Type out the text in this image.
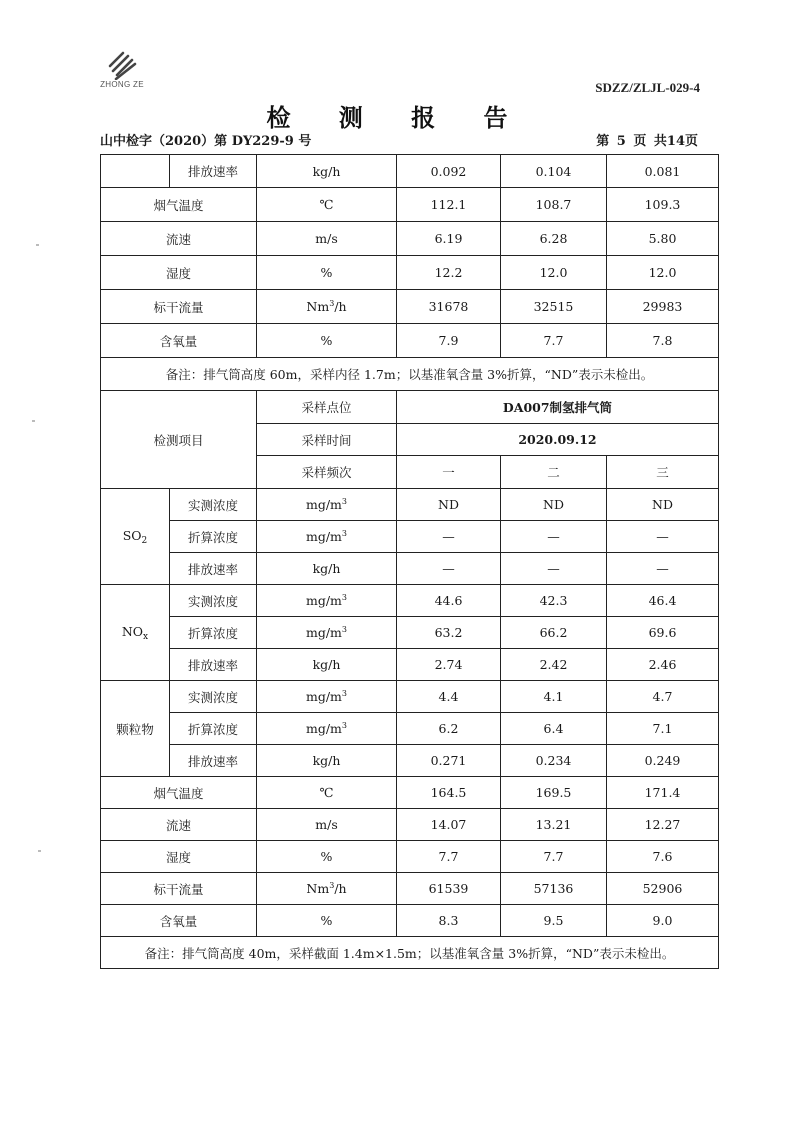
ZHONG ZE	SDZZ/ZLJL-029-4
检 测 报 告
山中检字（2020）第 DY229-9 号	第 5 页 共14页
	排放速率	kg/h	0.092	0.104	0.081
烟气温度		℃	112.1	108.7	109.3
流速		m/s	6.19	6.28	5.80
湿度		%	12.2	12.0	12.0
标干流量		Nm$^3$/h	31678	32515	29983
含氧量		%	7.9	7.7	7.8
备注：排气筒高度 60m，采样内径 1.7m；以基准氧含量 3%折算，“ND”表示未检出。					
检测项目		采样点位	DA007制氢排气筒		
		采样时间	2020.09.12		
		采样频次	一	二	三
$SO_2$	实测浓度	$mg/m^3$	ND	ND	ND
	折算浓度	$mg/m^3$	—	—	—
	排放速率	kg/h	—	—	—
$NO_x$	实测浓度	$mg/m^3$	44.6	42.3	46.4
	折算浓度	$mg/m^3$	63.2	66.2	69.6
	排放速率	kg/h	2.74	2.42	2.46
颗粒物	实测浓度	$mg/m^3$	4.4	4.1	4.7
	折算浓度	$mg/m^3$	6.2	6.4	7.1
	排放速率	kg/h	0.271	0.234	0.249
烟气温度		℃	164.5	169.5	171.4
流速		m/s	14.07	13.21	12.27
湿度		%	7.7	7.7	7.6
标干流量		Nm$^3$/h	61539	57136	52906
含氧量		%	8.3	9.5	9.0
备注：排气筒高度 40m，采样截面 1.4m×1.5m；以基准氧含量 3%折算，“ND”表示未检出。					
